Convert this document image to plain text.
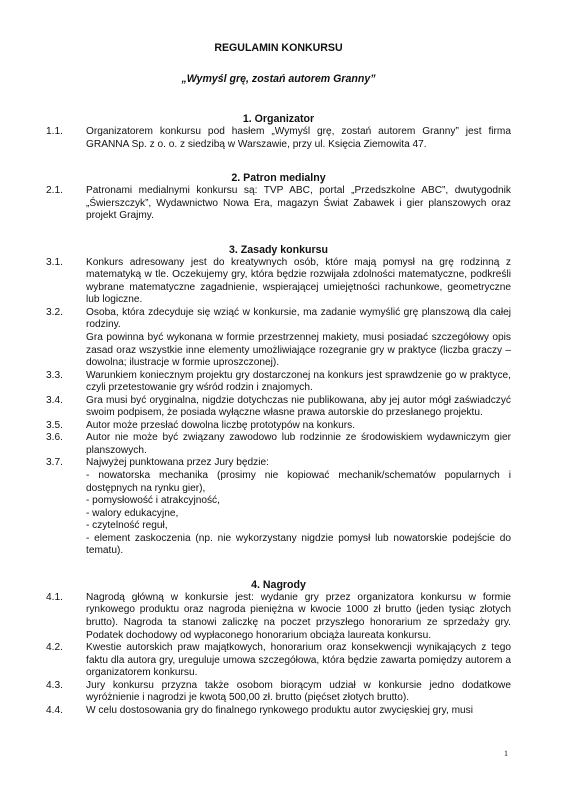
REGULAMIN KONKURSU
„Wymyśl grę, zostań autorem Granny”
1. Organizator
1.1.	Organizatorem konkursu pod hasłem „Wymyśl grę, zostań autorem Granny” jest firma GRANNA Sp. z o. o. z siedzibą w Warszawie, przy ul. Księcia Ziemowita 47.

2. Patron medialny
2.1.	Patronami medialnymi konkursu są: TVP ABC, portal „Przedszkolne ABC”, dwutygodnik „Świerszczyk”, Wydawnictwo Nowa Era, magazyn Świat Zabawek i gier planszowych oraz projekt Grajmy.

3. Zasady konkursu
3.1.	Konkurs adresowany jest do kreatywnych osób, które mają pomysł na grę rodzinną z matematyką w tle. Oczekujemy gry, która będzie rozwijała zdolności matematyczne, podkreśli wybrane matematyczne zagadnienie, wspierającej umiejętności rachunkowe, geometryczne lub logiczne.

3.2.	Osoba, która zdecyduje się wziąć w konkursie, ma zadanie wymyślić grę planszową dla całej rodziny.

Gra powinna być wykonana w formie przestrzennej makiety, musi posiadać szczegółowy opis zasad oraz wszystkie inne elementy umożliwiające rozegranie gry w praktyce (liczba graczy – dowolna; ilustracje w formie uproszczonej).

3.3.	Warunkiem koniecznym projektu gry dostarczonej na konkurs jest sprawdzenie go w praktyce, czyli przetestowanie gry wśród rodzin i znajomych.

3.4.	Gra musi być oryginalna, nigdzie dotychczas nie publikowana, aby jej autor mógł zaświadczyć swoim podpisem, że posiada wyłączne własne prawa autorskie do przesłanego projektu.

3.5.	Autor może przesłać dowolna liczbę prototypów na konkurs.

3.6.	Autor nie może być związany zawodowo lub rodzinnie ze środowiskiem wydawniczym gier planszowych.

3.7.	Najwyżej punktowana przez Jury będzie:

- nowatorska mechanika (prosimy nie kopiować mechanik/schematów popularnych i dostępnych na rynku gier),

- pomysłowość i atrakcyjność,

- walory edukacyjne,

- czytelność reguł,

- element zaskoczenia (np. nie wykorzystany nigdzie pomysł lub nowatorskie podejście do tematu).

4. Nagrody
4.1.	Nagrodą główną w konkursie jest: wydanie gry przez organizatora konkursu w formie rynkowego produktu oraz nagroda pieniężna w kwocie 1000 zł brutto (jeden tysiąc złotych brutto). Nagroda ta stanowi zaliczkę na poczet przyszłego honorarium ze sprzedaży gry. Podatek dochodowy od wypłaconego honorarium obciąża laureata konkursu.

4.2.	Kwestie autorskich praw majątkowych, honorarium oraz konsekwencji wynikających z tego faktu dla autora gry, ureguluje umowa szczegółowa, która będzie zawarta pomiędzy autorem a organizatorem konkursu.

4.3.	Jury konkursu przyzna także osobom biorącym udział w konkursie jedno dodatkowe wyróżnienie i nagrodzi je kwotą 500,00 zł. brutto (pięćset złotych brutto).

4.4.	W celu dostosowania gry do finalnego rynkowego produktu autor zwycięskiej gry, musi

1
